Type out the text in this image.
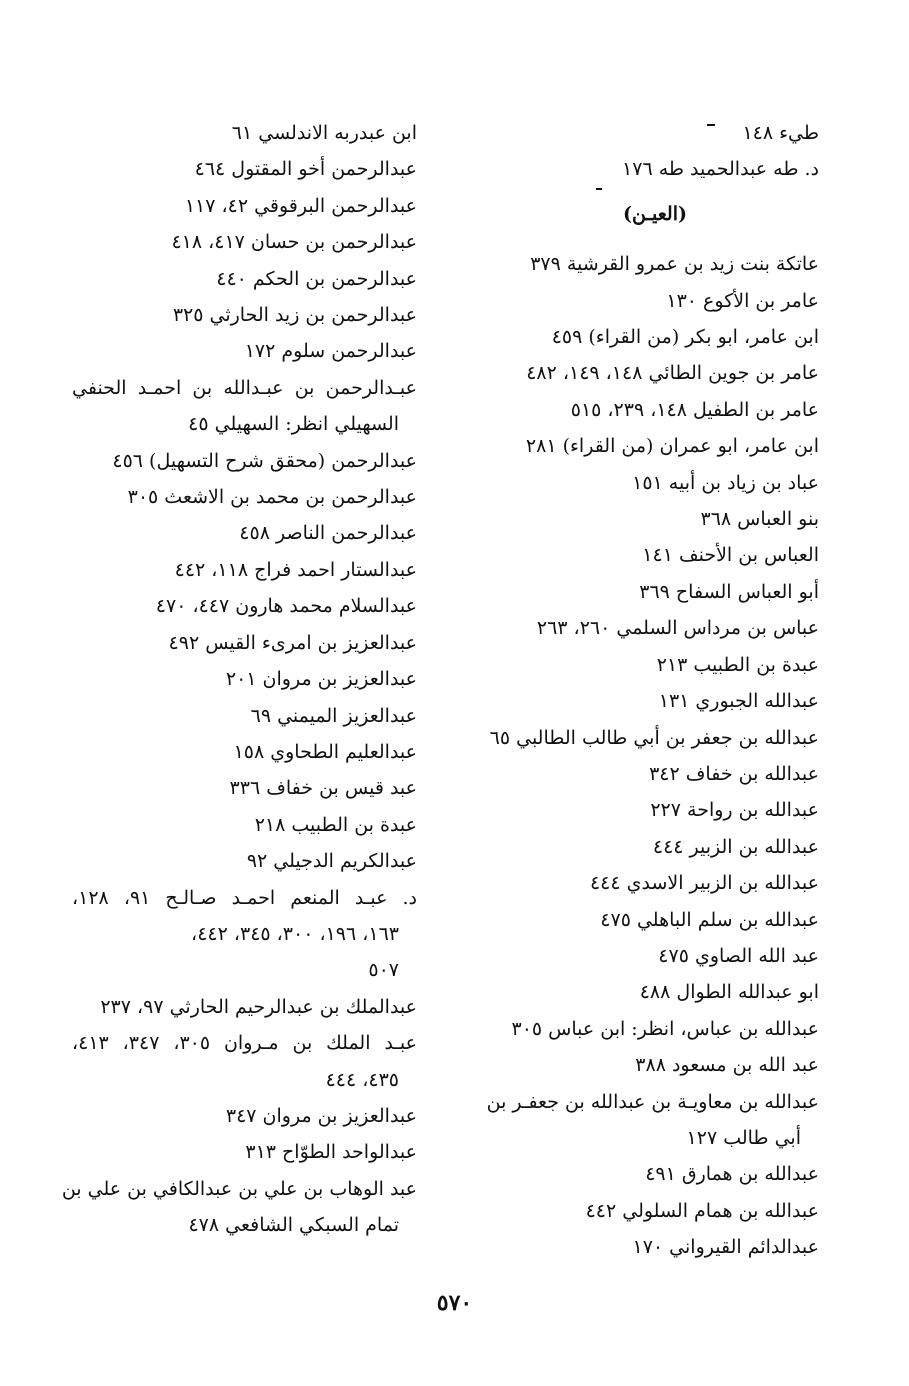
طيء ١٤٨
د. طه عبدالحميد طه ١٧٦
(العيـن)
عاتكة بنت زيد بن عمرو القرشية ٣٧٩
عامر بن الأكوع ١٣٠
ابن عامر، ابو بكر (من القراء) ٤٥٩
عامر بن جوين الطائي ١٤٨، ١٤٩، ٤٨٢
عامر بن الطفيل ١٤٨، ٢٣٩، ٥١٥
ابن عامر، ابو عمران (من القراء) ٢٨١
عباد بن زياد بن أبيه ١٥١
بنو العباس ٣٦٨
العباس بن الأحنف ١٤١
أبو العباس السفاح ٣٦٩
عباس بن مرداس السلمي ٢٦٠، ٢٦٣
عبدة بن الطبيب ٢١٣
عبدالله الجبوري ١٣١
عبدالله بن جعفر بن أبي طالب الطالبي ٦٥
عبدالله بن خفاف ٣٤٢
عبدالله بن رواحة ٢٢٧
عبدالله بن الزبير ٤٤٤
عبدالله بن الزبير الاسدي ٤٤٤
عبدالله بن سلم الباهلي ٤٧٥
عبد الله الصاوي ٤٧٥
ابو عبدالله الطوال ٤٨٨
عبدالله بن عباس، انظر: ابن عباس ٣٠٥
عبد الله بن مسعود ٣٨٨
عبدالله بن معاويـة بن عبدالله بن جعفـر بن
أبي طالب ١٢٧
عبدالله بن همارق ٤٩١
عبدالله بن همام السلولي ٤٤٢
عبدالدائم القيرواني ١٧٠
ابن عبدربه الاندلسي ٦١
عبدالرحمن أخو المقتول ٤٦٤
عبدالرحمن البرقوقي ٤٢، ١١٧
عبدالرحمن بن حسان ٤١٧، ٤١٨
عبدالرحمن بن الحكم ٤٤٠
عبدالرحمن بن زيد الحارثي ٣٢٥
عبدالرحمن سلوم ١٧٢
عبـدالرحمن بن عبـدالله بن احمـد الحنفي
السهيلي انظر: السهيلي ٤٥
عبدالرحمن (محقق شرح التسهيل) ٤٥٦
عبدالرحمن بن محمد بن الاشعث ٣٠٥
عبدالرحمن الناصر ٤٥٨
عبدالستار احمد فراج ١١٨، ٤٤٢
عبدالسلام محمد هارون ٤٤٧، ٤٧٠
عبدالعزيز بن امرىء القيس ٤٩٢
عبدالعزيز بن مروان ٢٠١
عبدالعزيز الميمني ٦٩
عبدالعليم الطحاوي ١٥٨
عبد قيس بن خفاف ٣٣٦
عبدة بن الطبيب ٢١٨
عبدالكريم الدجيلي ٩٢
د. عبـد المنعم احمـد صـالـح ٩١، ١٢٨،
١٦٣، ١٩٦، ٣٠٠، ٣٤٥، ٤٤٢،
٥٠٧
عبدالملك بن عبدالرحيم الحارثي ٩٧، ٢٣٧
عبـد الملك بن مـروان ٣٠٥، ٣٤٧، ٤١٣،
٤٣٥، ٤٤٤
عبدالعزيز بن مروان ٣٤٧
عبدالواحد الطوّاح ٣١٣
عبد الوهاب بن علي بن عبدالكافي بن علي بن
تمام السبكي الشافعي ٤٧٨
٥٧٠
